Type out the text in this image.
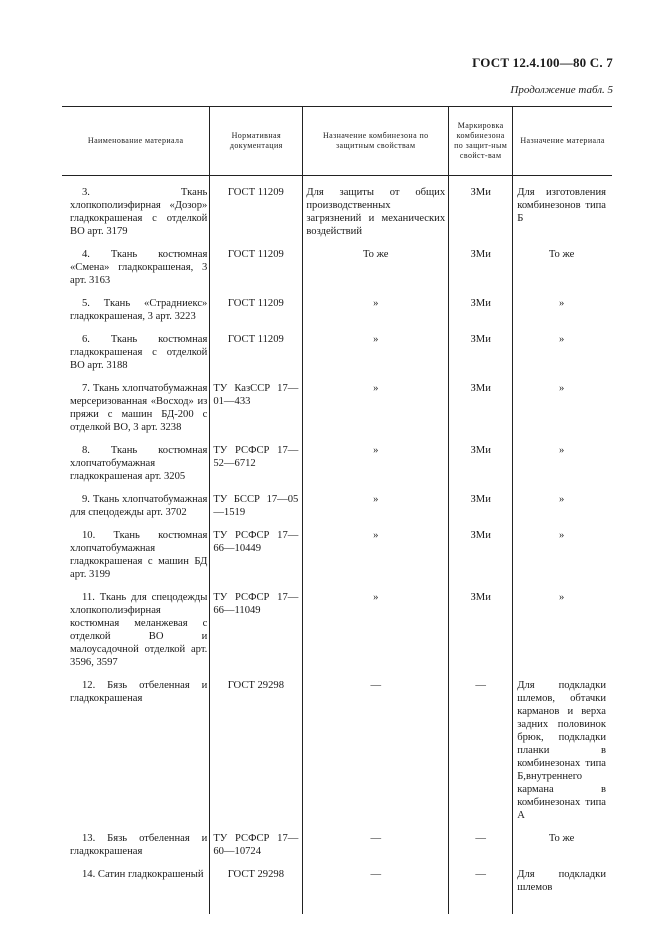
ГОСТ 12.4.100—80 С. 7
Продолжение табл. 5
Наименование материала	Нормативная документация	Назначение комбинезона по защитным свойствам	Маркировка комбинезона по защит-ным свойст-вам	Назначение материала
3. Ткань хлопкополиэфирная «Дозор» гладкокрашеная с отделкой ВО арт. 3179	ГОСТ 11209	Для защиты от общих производственных загрязнений и механических воздействий	ЗМи	Для изготовления комбинезонов типа Б
4. Ткань костюмная «Смена» гладкокрашеная, 3 арт. 3163	ГОСТ 11209	То же	ЗМи	То же
5. Ткань «Страдниекс» гладкокрашеная, 3 арт. 3223	ГОСТ 11209	»	ЗМи	»
6. Ткань костюмная гладкокрашеная с отделкой ВО арт. 3188	ГОСТ 11209	»	ЗМи	»
7. Ткань хлопчатобумажная мерсеризованная «Восход» из пряжи с машин БД-200 с отделкой ВО, 3 арт. 3238	ТУ КазССР 17—01—433	»	ЗМи	»
8. Ткань костюмная хлопчатобумажная гладкокрашеная арт. 3205	ТУ РСФСР 17—52—6712	»	ЗМи	»
9. Ткань хлопчатобумажная для спецодежды арт. 3702	ТУ БССР 17—05—1519	»	ЗМи	»
10. Ткань костюмная хлопчатобумажная гладкокрашеная с машин БД арт. 3199	ТУ РСФСР 17—66—10449	»	ЗМи	»
11. Ткань для спецодежды хлопкополиэфирная костюмная меланжевая с отделкой ВО и малоусадочной отделкой арт. 3596, 3597	ТУ РСФСР 17—66—11049	»	ЗМи	»
12. Бязь отбеленная и гладкокрашеная	ГОСТ 29298	—	—	Для подкладки шлемов, обтачки карманов и верха задних половинок брюк, подкладки планки в комбинезонах типа Б,внутреннего кармана в комбинезонах типа А
13. Бязь отбеленная и гладкокрашеная	ТУ РСФСР 17—60—10724	—	—	То же
14. Сатин гладкокрашеный	ГОСТ 29298	—	—	Для подкладки шлемов
